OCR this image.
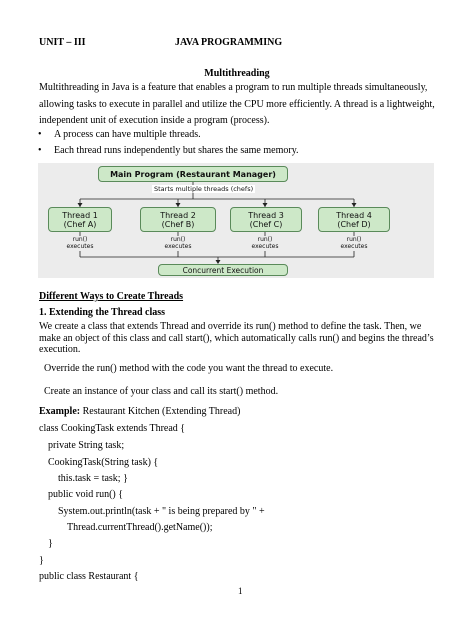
UNIT – III	JAVA PROGRAMMING
Multithreading
Multithreading in Java is a feature that enables a program to run multiple threads simultaneously, allowing tasks to execute in parallel and utilize the CPU more efficiently. A thread is a lightweight, independent unit of execution inside a program (process).
• A process can have multiple threads.
• Each thread runs independently but shares the same memory.
Main Program (Restaurant Manager)
Starts multiple threads (chefs)
Thread 1
(Chef A)
Thread 2
(Chef B)
Thread 3
(Chef C)
Thread 4
(Chef D)
run()
executes
run()
executes
run()
executes
run()
executes
Concurrent Execution
Different Ways to Create Threads
1. Extending the Thread class
We create a class that extends Thread and override its run() method to define the task. Then, we make an object of this class and call start(), which automatically calls run() and begins the thread’s execution.
Override the run() method with the code you want the thread to execute.
Create an instance of your class and call its start() method.
Example: Restaurant Kitchen (Extending Thread)
class CookingTask extends Thread {
private String task;
CookingTask(String task) {
this.task = task; }
public void run() {
System.out.println(task + " is being prepared by " +
Thread.currentThread().getName());
}
}
public class Restaurant {
1
